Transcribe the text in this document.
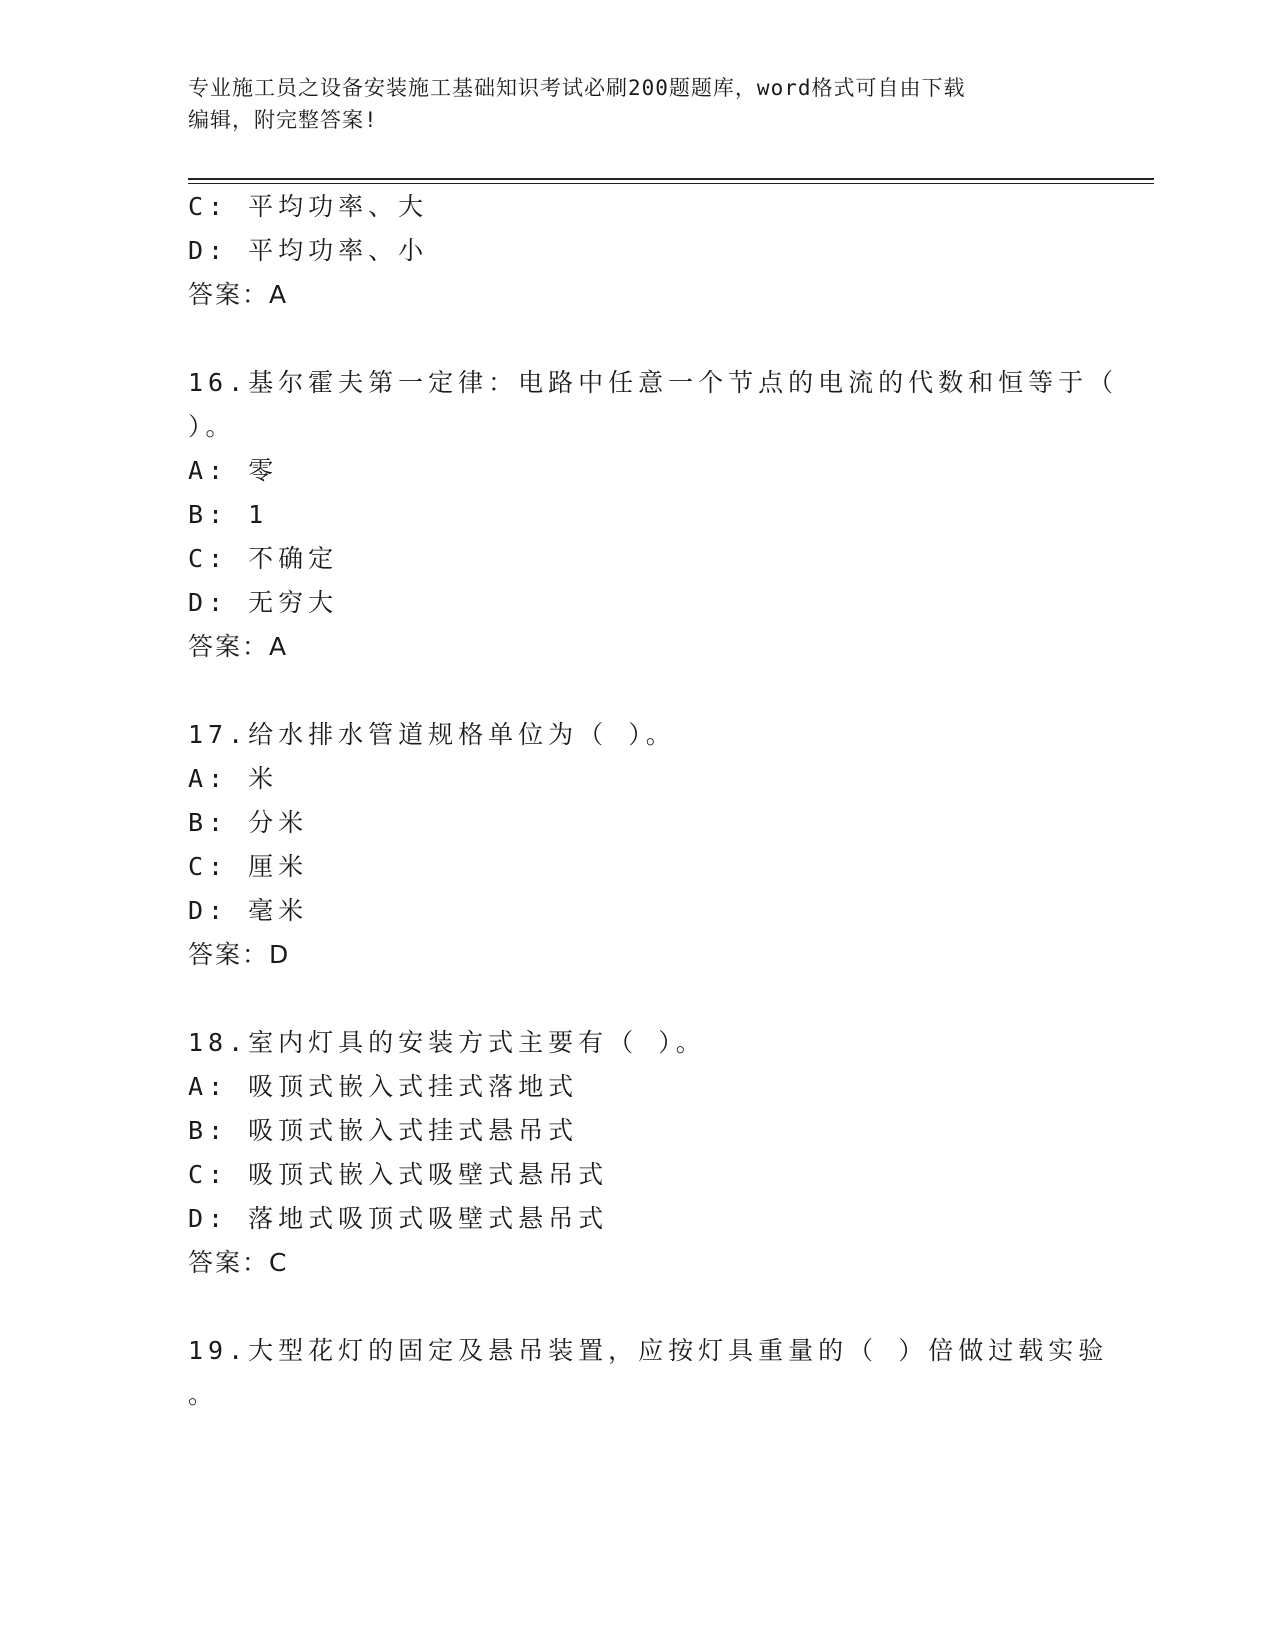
专业施工员之设备安装施工基础知识考试必刷200题题库，word格式可自由下载
编辑，附完整答案!
C: 平均功率、大
D: 平均功率、小
答案：A
16.基尔霍夫第一定律：电路中任意一个节点的电流的代数和恒等于（
）。
A: 零
B: 1
C: 不确定
D: 无穷大
答案：A
17.给水排水管道规格单位为（ ）。
A: 米
B: 分米
C: 厘米
D: 毫米
答案：D
18.室内灯具的安装方式主要有（ ）。
A: 吸顶式嵌入式挂式落地式
B: 吸顶式嵌入式挂式悬吊式
C: 吸顶式嵌入式吸壁式悬吊式
D: 落地式吸顶式吸壁式悬吊式
答案：C
19.大型花灯的固定及悬吊装置，应按灯具重量的（ ）倍做过载实验
。
